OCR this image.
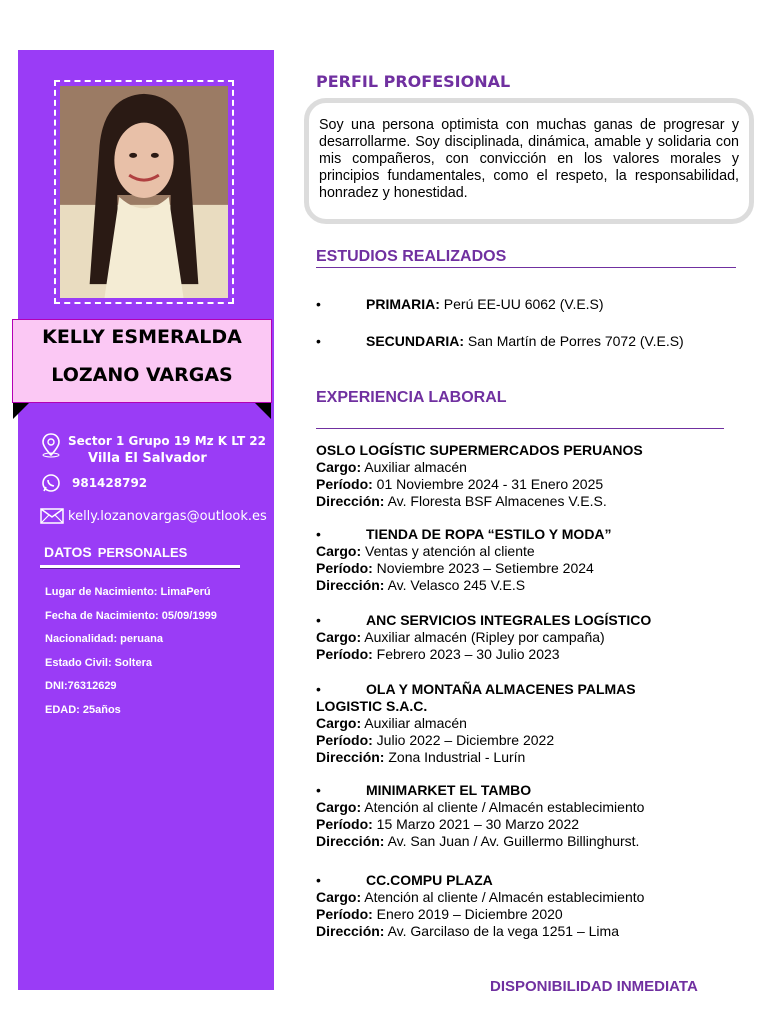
KELLY ESMERALDA
LOZANO VARGAS
Sector 1 Grupo 19 Mz K LT 22
Villa El Salvador
981428792
kelly.lozanovargas@outlook.es
DATOS PERSONALES
Lugar de Nacimiento: LimaPerú
Fecha de Nacimiento: 05/09/1999
Nacionalidad: peruana
Estado Civil: Soltera
DNI:76312629
EDAD: 25años
PERFIL PROFESIONAL
Soy una persona optimista con muchas ganas de progresar y desarrollarme. Soy disciplinada, dinámica, amable y solidaria con mis compañeros, con convicción en los valores morales y principios fundamentales, como el respeto, la responsabilidad, honradez y honestidad.
ESTUDIOS REALIZADOS
•	PRIMARIA: Perú EE-UU 6062 (V.E.S)
•	SECUNDARIA: San Martín de Porres 7072 (V.E.S)
EXPERIENCIA LABORAL
OSLO LOGÍSTIC SUPERMERCADOS PERUANOS
Cargo: Auxiliar almacén
Período: 01 Noviembre 2024 - 31 Enero 2025
Dirección: Av. Floresta BSF Almacenes V.E.S.
•	TIENDA DE ROPA “ESTILO Y MODA”
Cargo: Ventas y atención al cliente
Período: Noviembre 2023 – Setiembre 2024
Dirección: Av. Velasco 245 V.E.S
•	ANC SERVICIOS INTEGRALES LOGÍSTICO
Cargo: Auxiliar almacén (Ripley por campaña)
Período: Febrero 2023 – 30 Julio 2023
•	OLA Y MONTAÑA ALMACENES PALMAS
LOGISTIC S.A.C.
Cargo: Auxiliar almacén
Período: Julio 2022 – Diciembre 2022
Dirección: Zona Industrial - Lurín
•	MINIMARKET EL TAMBO
Cargo: Atención al cliente / Almacén establecimiento
Período: 15 Marzo 2021 – 30 Marzo 2022
Dirección: Av. San Juan / Av. Guillermo Billinghurst.
•	CC.COMPU PLAZA
Cargo: Atención al cliente / Almacén establecimiento
Período: Enero 2019 – Diciembre 2020
Dirección: Av. Garcilaso de la vega 1251 – Lima
DISPONIBILIDAD INMEDIATA
